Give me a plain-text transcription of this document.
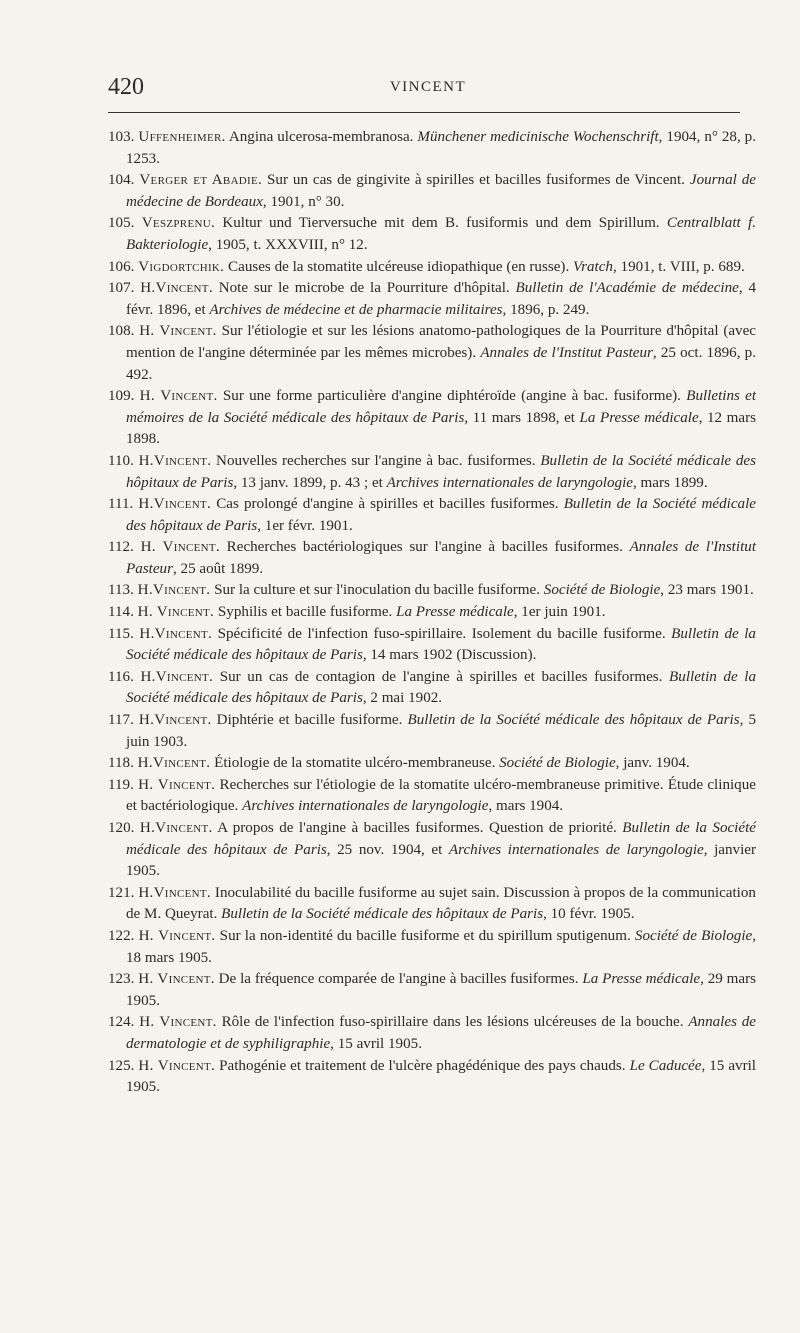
420	VINCENT

103. Uffenheimer. Angina ulcerosa-membranosa. Münchener medicinische Wochenschrift, 1904, n° 28, p. 1253.

104. Verger et Abadie. Sur un cas de gingivite à spirilles et bacilles fusiformes de Vincent. Journal de médecine de Bordeaux, 1901, n° 30.

105. Veszprenu. Kultur und Tierversuche mit dem B. fusiformis und dem Spirillum. Centralblatt f. Bakteriologie, 1905, t. XXXVIII, n° 12.

106. Vigdortchik. Causes de la stomatite ulcéreuse idiopathique (en russe). Vratch, 1901, t. VIII, p. 689.

107. H.Vincent. Note sur le microbe de la Pourriture d'hôpital. Bulletin de l'Académie de médecine, 4 févr. 1896, et Archives de médecine et de pharmacie militaires, 1896, p. 249.

108. H. Vincent. Sur l'étiologie et sur les lésions anatomo-pathologiques de la Pourriture d'hôpital (avec mention de l'angine déterminée par les mêmes microbes). Annales de l'Institut Pasteur, 25 oct. 1896, p. 492.

109. H. Vincent. Sur une forme particulière d'angine diphtéroïde (angine à bac. fusiforme). Bulletins et mémoires de la Société médicale des hôpitaux de Paris, 11 mars 1898, et La Presse médicale, 12 mars 1898.

110. H.Vincent. Nouvelles recherches sur l'angine à bac. fusiformes. Bulletin de la Société médicale des hôpitaux de Paris, 13 janv. 1899, p. 43 ; et Archives internationales de laryngologie, mars 1899.

111. H.Vincent. Cas prolongé d'angine à spirilles et bacilles fusiformes. Bulletin de la Société médicale des hôpitaux de Paris, 1er févr. 1901.

112. H. Vincent. Recherches bactériologiques sur l'angine à bacilles fusiformes. Annales de l'Institut Pasteur, 25 août 1899.

113. H.Vincent. Sur la culture et sur l'inoculation du bacille fusiforme. Société de Biologie, 23 mars 1901.

114. H. Vincent. Syphilis et bacille fusiforme. La Presse médicale, 1er juin 1901.

115. H.Vincent. Spécificité de l'infection fuso-spirillaire. Isolement du bacille fusiforme. Bulletin de la Société médicale des hôpitaux de Paris, 14 mars 1902 (Discussion).

116. H.Vincent. Sur un cas de contagion de l'angine à spirilles et bacilles fusiformes. Bulletin de la Société médicale des hôpitaux de Paris, 2 mai 1902.

117. H.Vincent. Diphtérie et bacille fusiforme. Bulletin de la Société médicale des hôpitaux de Paris, 5 juin 1903.

118. H.Vincent. Étiologie de la stomatite ulcéro-membraneuse. Société de Biologie, janv. 1904.

119. H. Vincent. Recherches sur l'étiologie de la stomatite ulcéro-membraneuse primitive. Étude clinique et bactériologique. Archives internationales de laryngologie, mars 1904.

120. H.Vincent. A propos de l'angine à bacilles fusiformes. Question de priorité. Bulletin de la Société médicale des hôpitaux de Paris, 25 nov. 1904, et Archives internationales de laryngologie, janvier 1905.

121. H.Vincent. Inoculabilité du bacille fusiforme au sujet sain. Discussion à propos de la communication de M. Queyrat. Bulletin de la Société médicale des hôpitaux de Paris, 10 févr. 1905.

122. H. Vincent. Sur la non-identité du bacille fusiforme et du spirillum sputigenum. Société de Biologie, 18 mars 1905.

123. H. Vincent. De la fréquence comparée de l'angine à bacilles fusiformes. La Presse médicale, 29 mars 1905.

124. H. Vincent. Rôle de l'infection fuso-spirillaire dans les lésions ulcéreuses de la bouche. Annales de dermatologie et de syphiligraphie, 15 avril 1905.

125. H. Vincent. Pathogénie et traitement de l'ulcère phagédénique des pays chauds. Le Caducée, 15 avril 1905.
